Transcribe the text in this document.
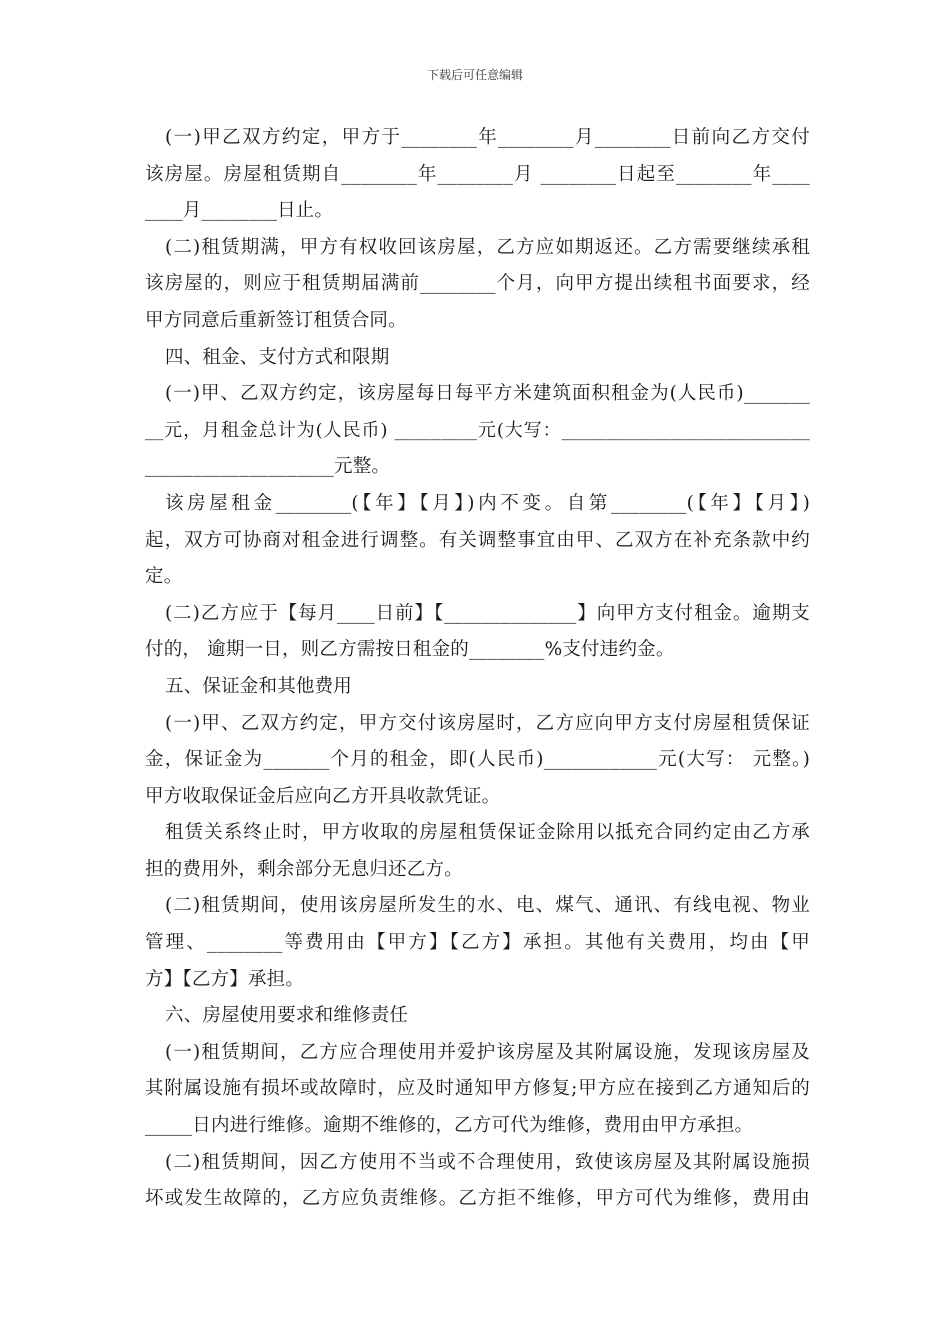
下载后可任意编辑
(一)甲乙双方约定，甲方于________年________月________日前向乙方交付
该房屋。房屋租赁期自________年________月 ________日起至________年____
____月________日止。
(二)租赁期满，甲方有权收回该房屋，乙方应如期返还。乙方需要继续承租
该房屋的，则应于租赁期届满前________个月，向甲方提出续租书面要求，经
甲方同意后重新签订租赁合同。
四、租金、支付方式和限期
(一)甲、乙双方约定，该房屋每日每平方米建筑面积租金为(人民币)_______
__元，月租金总计为(人民币) _________元(大写：___________________________
____________________元整。
该房屋租金________(【年】【月】)内不变。自第________(【年】【月】)
起，双方可协商对租金进行调整。有关调整事宜由甲、乙双方在补充条款中约
定。
(二)乙方应于【每月____日前】【______________】向甲方支付租金。逾期支
付的， 逾期一日，则乙方需按日租金的________%支付违约金。
五、保证金和其他费用
(一)甲、乙双方约定，甲方交付该房屋时，乙方应向甲方支付房屋租赁保证
金，保证金为_______个月的租金，即(人民币)____________元(大写： 元整。)
甲方收取保证金后应向乙方开具收款凭证。
租赁关系终止时，甲方收取的房屋租赁保证金除用以抵充合同约定由乙方承
担的费用外，剩余部分无息归还乙方。
(二)租赁期间，使用该房屋所发生的水、电、煤气、通讯、有线电视、物业
管理、________等费用由【甲方】【乙方】承担。其他有关费用，均由【甲
方】【乙方】承担。
六、房屋使用要求和维修责任
(一)租赁期间，乙方应合理使用并爱护该房屋及其附属设施，发现该房屋及
其附属设施有损坏或故障时，应及时通知甲方修复;甲方应在接到乙方通知后的
_____日内进行维修。逾期不维修的，乙方可代为维修，费用由甲方承担。
(二)租赁期间，因乙方使用不当或不合理使用，致使该房屋及其附属设施损
坏或发生故障的，乙方应负责维修。乙方拒不维修，甲方可代为维修，费用由
